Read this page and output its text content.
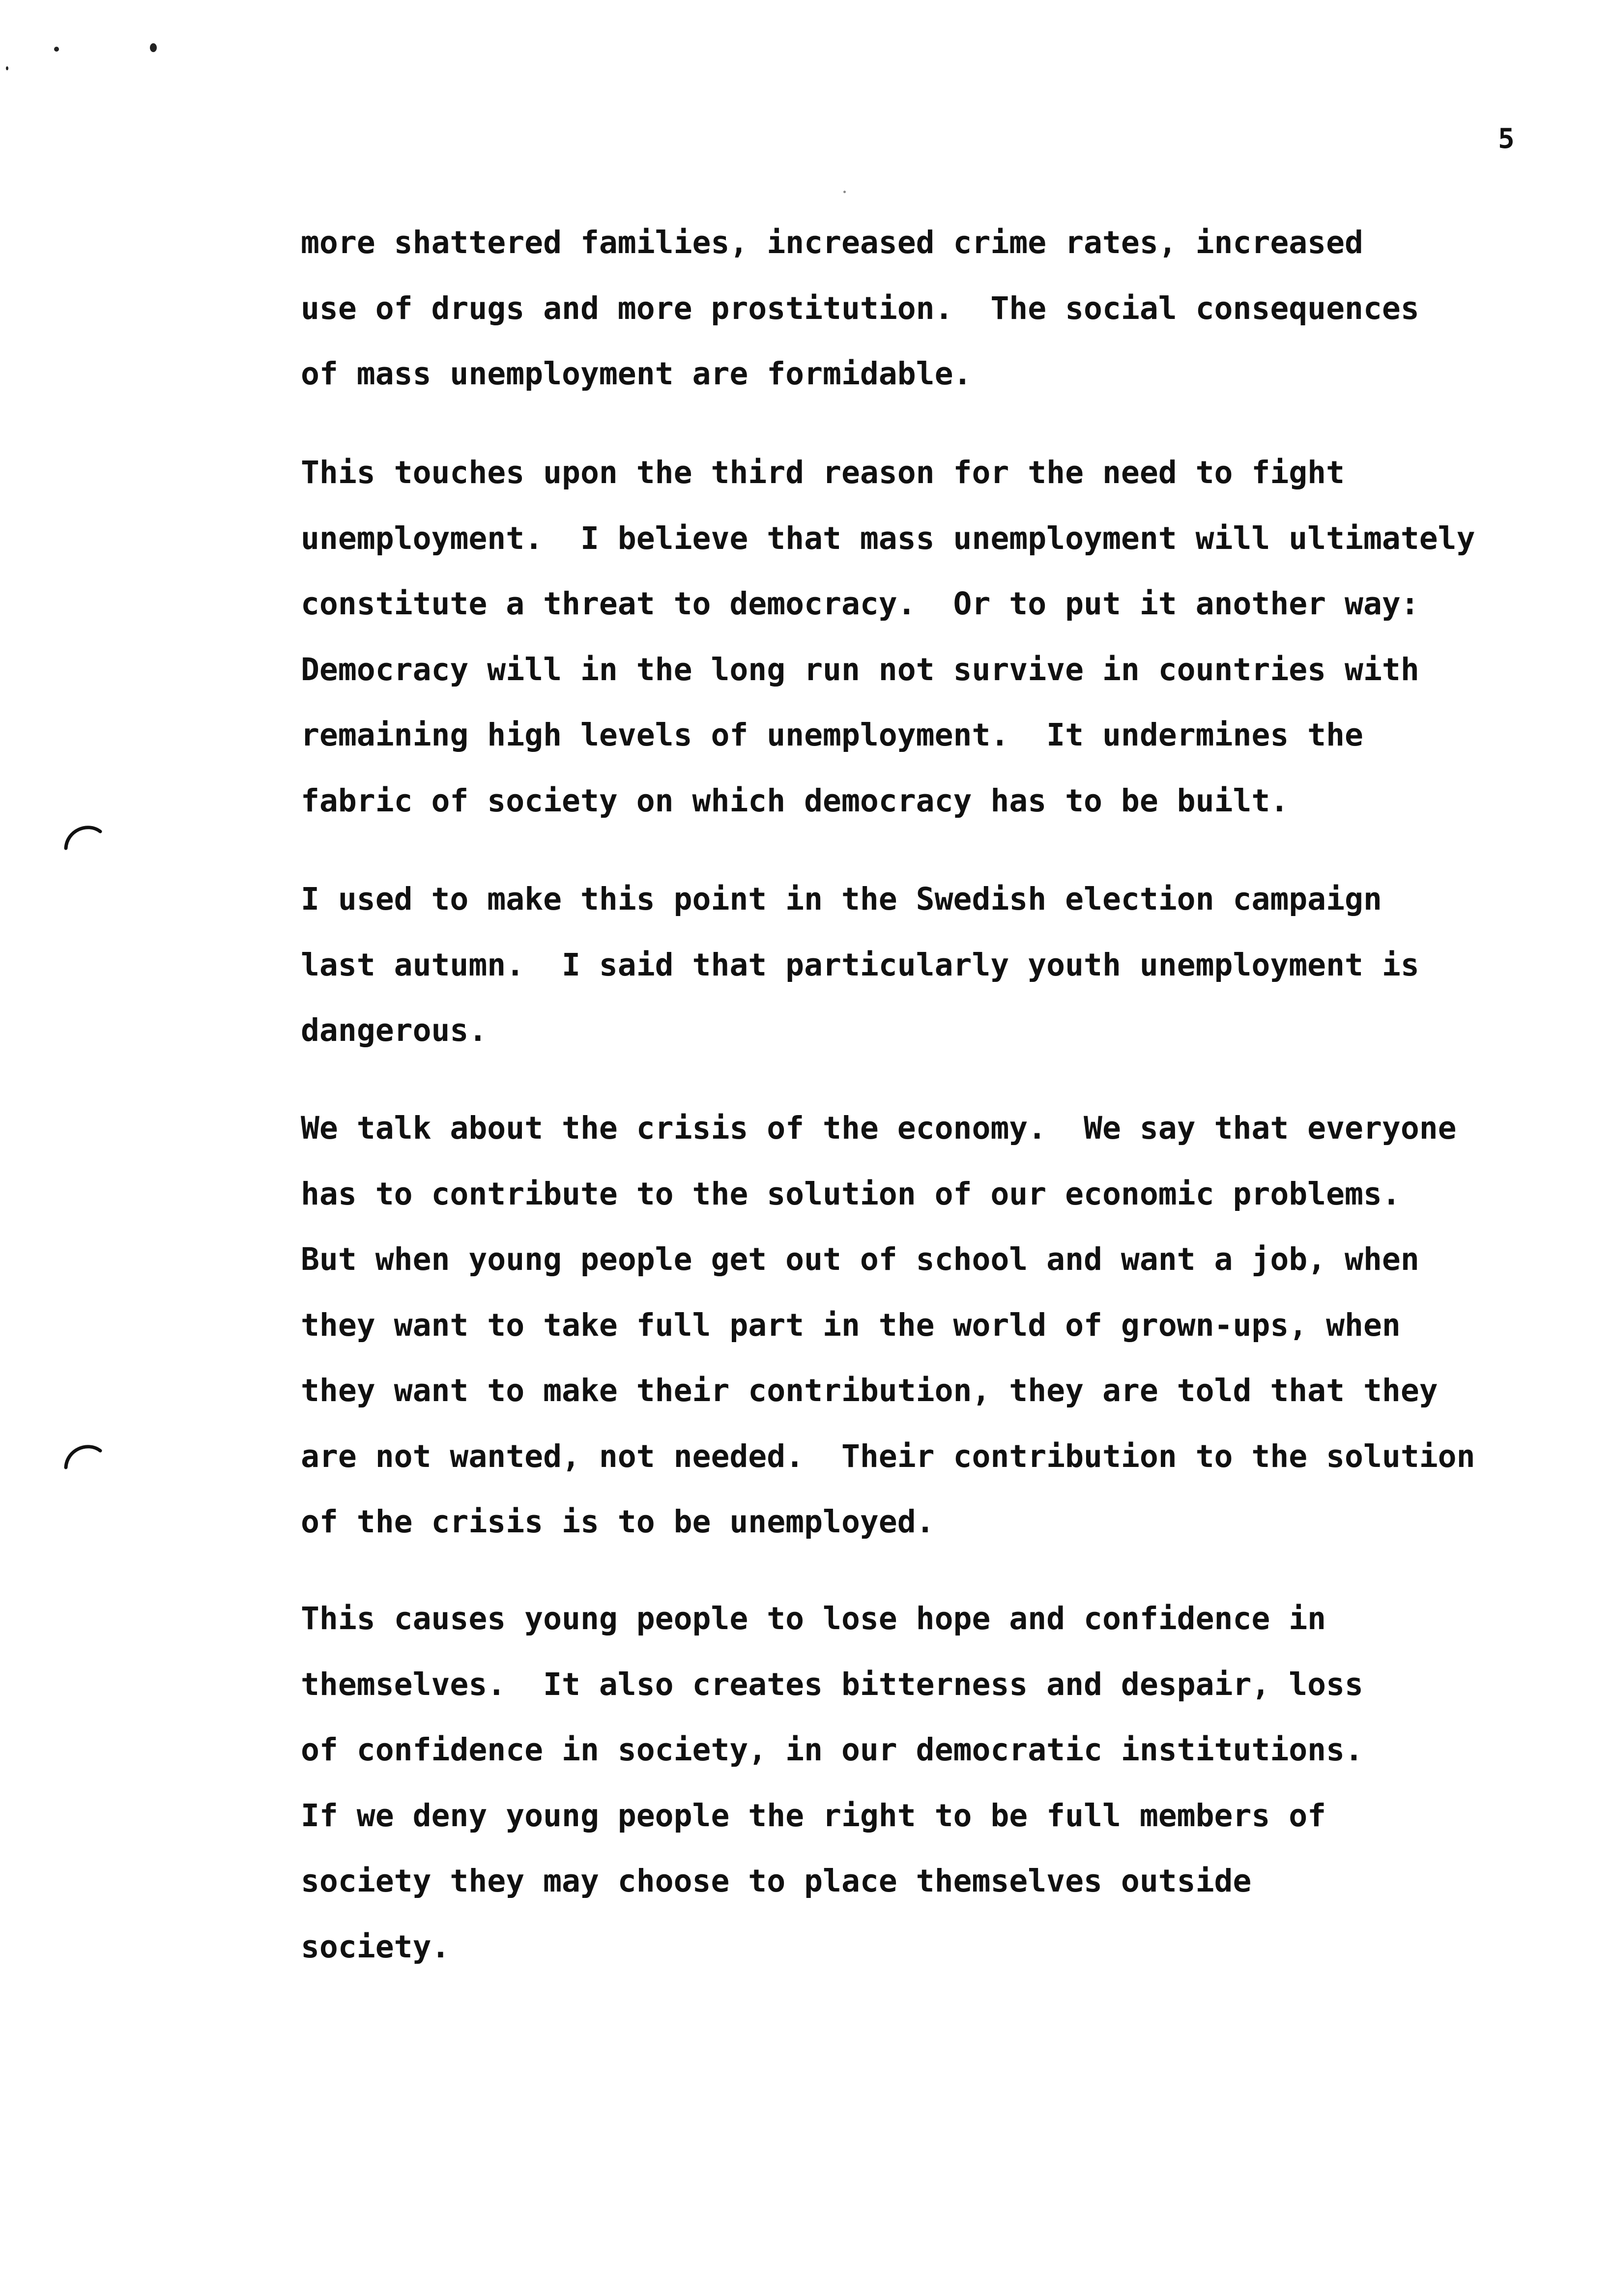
5
more shattered families, increased crime rates, increased
use of drugs and more prostitution.  The social consequences
of mass unemployment are formidable.
This touches upon the third reason for the need to fight
unemployment.  I believe that mass unemployment will ultimately
constitute a threat to democracy.  Or to put it another way:
Democracy will in the long run not survive in countries with
remaining high levels of unemployment.  It undermines the
fabric of society on which democracy has to be built.
I used to make this point in the Swedish election campaign
last autumn.  I said that particularly youth unemployment is
dangerous.
We talk about the crisis of the economy.  We say that everyone
has to contribute to the solution of our economic problems.
But when young people get out of school and want a job, when
they want to take full part in the world of grown-ups, when
they want to make their contribution, they are told that they
are not wanted, not needed.  Their contribution to the solution
of the crisis is to be unemployed.
This causes young people to lose hope and confidence in
themselves.  It also creates bitterness and despair, loss
of confidence in society, in our democratic institutions.
If we deny young people the right to be full members of
society they may choose to place themselves outside
society.
